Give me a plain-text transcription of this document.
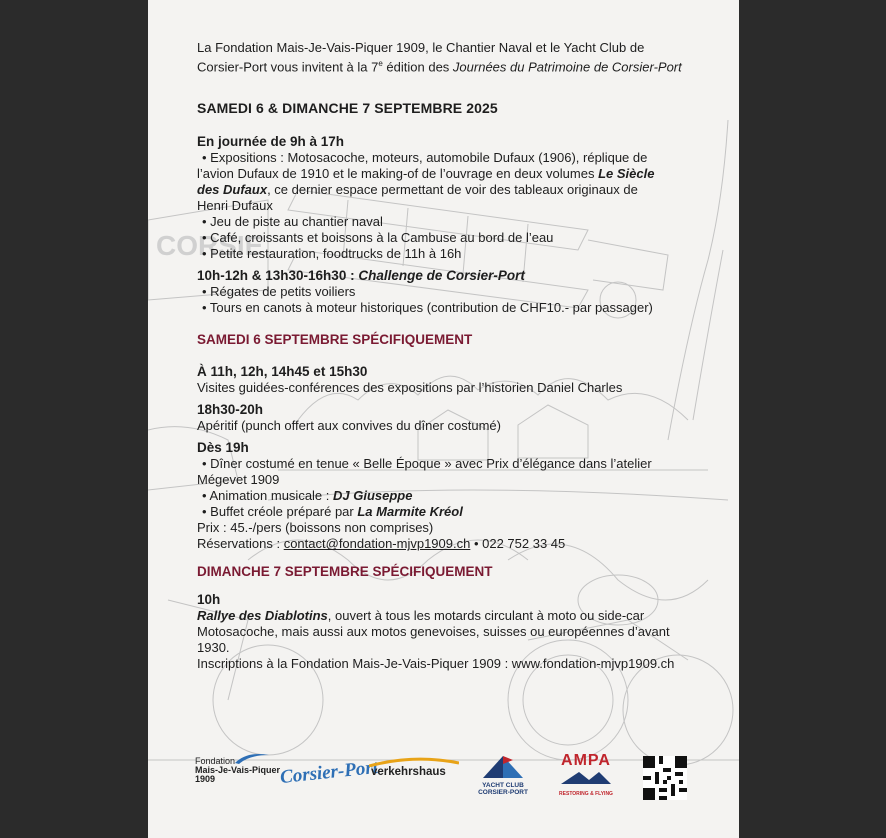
CORSIE
La Fondation Mais-Je-Vais-Piquer 1909, le Chantier Naval et le Yacht Club de
Corsier-Port vous invitent à la 7e édition des Journées du Patrimoine de Corsier-Port
SAMEDI 6 & DIMANCHE 7 SEPTEMBRE 2025
En journée de 9h à 17h
• Expositions : Motosacoche, moteurs, automobile Dufaux (1906), réplique de
l’avion Dufaux de 1910 et le making-of de l’ouvrage en deux volumes Le Siècle
des Dufaux, ce dernier espace permettant de voir des tableaux originaux de
Henri Dufaux
• Jeu de piste au chantier naval
• Café, croissants et boissons à la Cambuse au bord de l’eau
• Petite restauration, foodtrucks de 11h à 16h
10h-12h & 13h30-16h30 : Challenge de Corsier-Port
• Régates de petits voiliers
• Tours en canots à moteur historiques (contribution de CHF10.- par passager)
SAMEDI 6 SEPTEMBRE SPÉCIFIQUEMENT
À 11h, 12h, 14h45 et 15h30
Visites guidées-conférences des expositions par l’historien Daniel Charles
18h30-20h
Apéritif (punch offert aux convives du dîner costumé)
Dès 19h
• Dîner costumé en tenue « Belle Époque » avec Prix d’élégance dans l’atelier
Mégevet 1909
• Animation musicale : DJ Giuseppe
• Buffet créole préparé par La Marmite Kréol
Prix : 45.-/pers (boissons non comprises)
Réservations : contact@fondation-mjvp1909.ch • 022 752 33 45
DIMANCHE 7 SEPTEMBRE SPÉCIFIQUEMENT
10h
Rallye des Diablotins, ouvert à tous les motards circulant à moto ou side-car
Motosacoche, mais aussi aux motos genevoises, suisses ou européennes d’avant
1930.
Inscriptions à la Fondation Mais-Je-Vais-Piquer 1909 : www.fondation-mjvp1909.ch
Fondation
Mais-Je-Vais-Piquer
1909	Corsier-Port
verkehrshaus
YACHT CLUB
CORSIER-PORT
AMPA
RESTORING & FLYING
